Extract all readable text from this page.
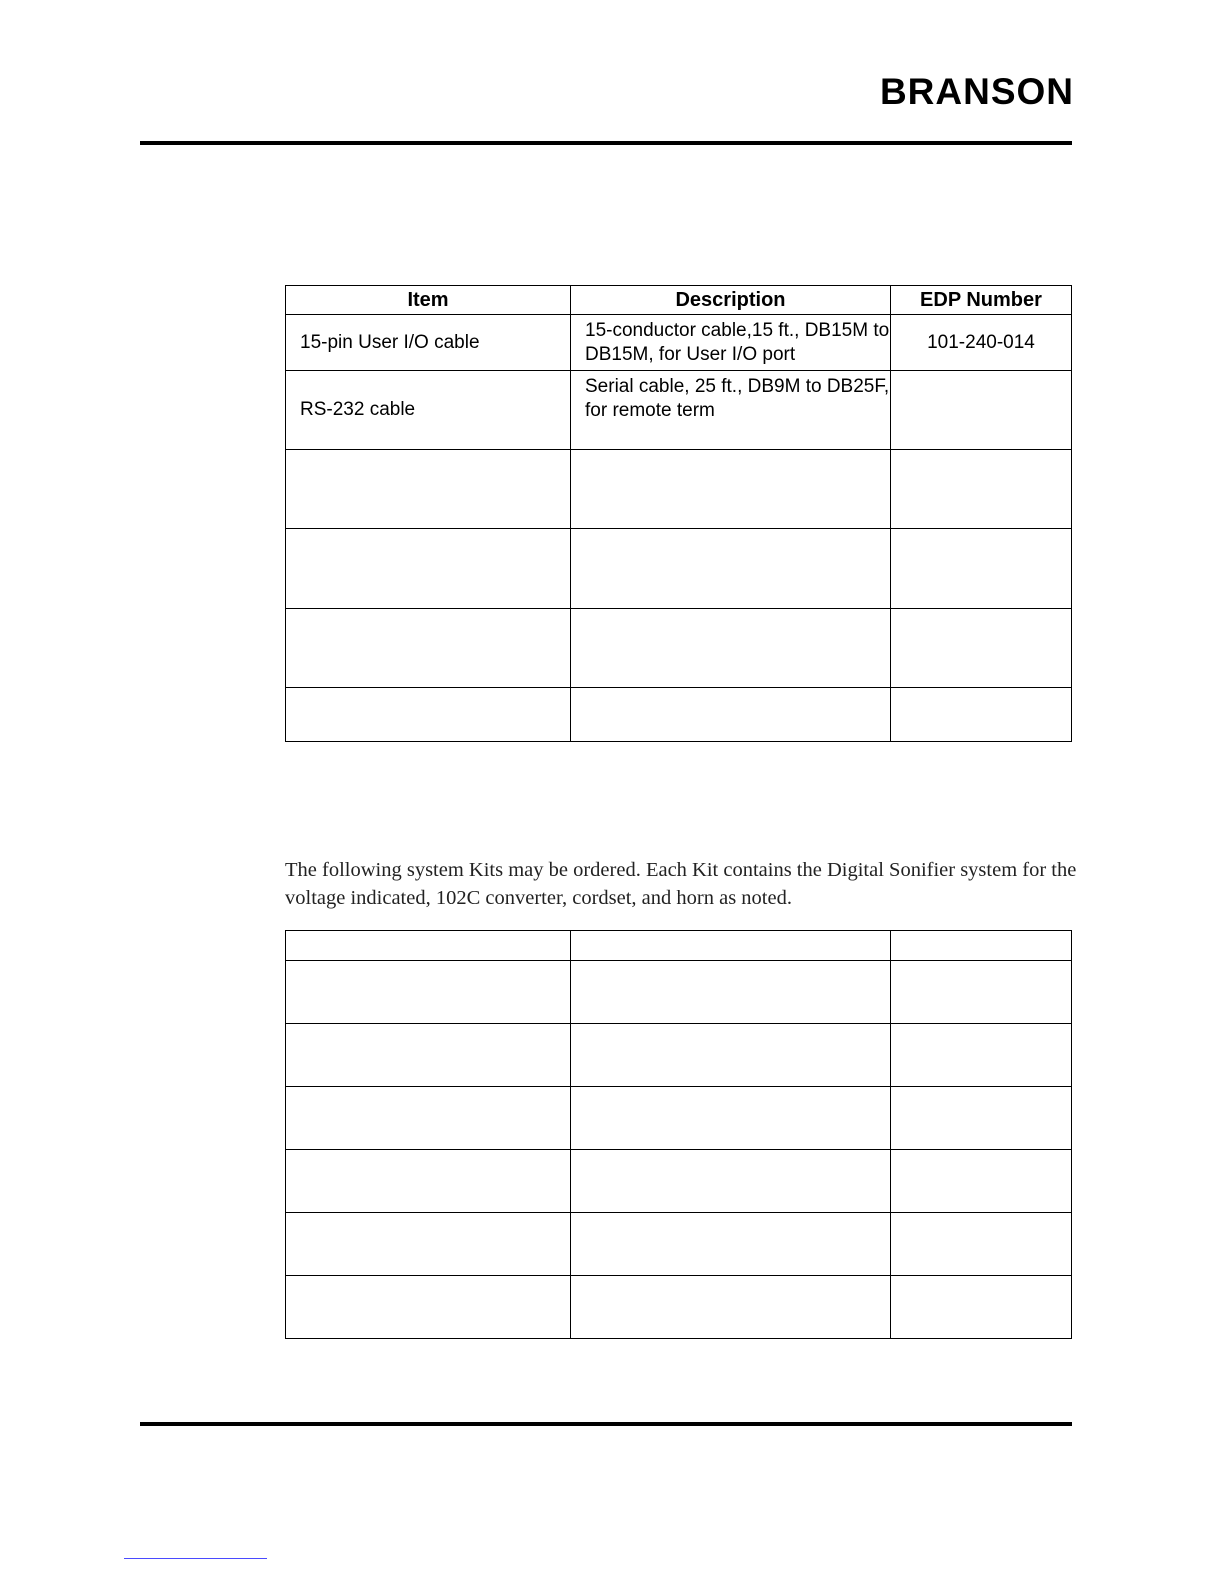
BRANSON
Item	Description	EDP Number
15-pin User I/O cable	15-conductor cable,15 ft., DB15M to DB15M, for User I/O port	101-240-014
RS-232 cable	Serial cable, 25 ft., DB9M to DB25F, for remote term	

The following system Kits may be ordered. Each Kit contains the Digital Sonifier system for the voltage indicated, 102C converter, cordset, and horn as noted.
